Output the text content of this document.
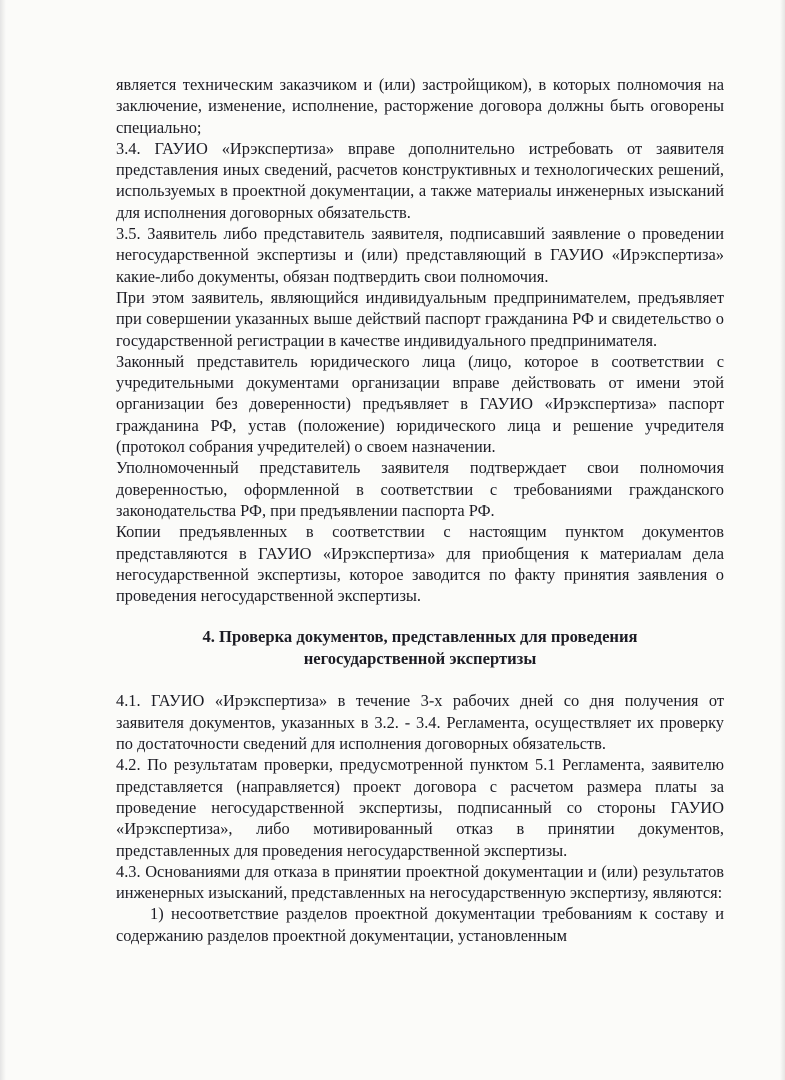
является техническим заказчиком и (или) застройщиком), в которых полномочия на заключение, изменение, исполнение, расторжение договора должны быть оговорены специально;

3.4. ГАУИО «Ирэкспертиза» вправе дополнительно истребовать от заявителя представления иных сведений, расчетов конструктивных и технологических решений, используемых в проектной документации, а также материалы инженерных изысканий для исполнения договорных обязательств.

3.5. Заявитель либо представитель заявителя, подписавший заявление о проведении негосударственной экспертизы и (или) представляющий в ГАУИО «Ирэкспертиза» какие-либо документы, обязан подтвердить свои полномочия.

При этом заявитель, являющийся индивидуальным предпринимателем, предъявляет при совершении указанных выше действий паспорт гражданина РФ и свидетельство о государственной регистрации в качестве индивидуального предпринимателя.

Законный представитель юридического лица (лицо, которое в соответствии с учредительными документами организации вправе действовать от имени этой организации без доверенности) предъявляет в ГАУИО «Ирэкспертиза» паспорт гражданина РФ, устав (положение) юридического лица и решение учредителя (протокол собрания учредителей) о своем назначении.

Уполномоченный представитель заявителя подтверждает свои полномочия доверенностью, оформленной в соответствии с требованиями гражданского законодательства РФ, при предъявлении паспорта РФ.

Копии предъявленных в соответствии с настоящим пунктом документов представляются в ГАУИО «Ирэкспертиза» для приобщения к материалам дела негосударственной экспертизы, которое заводится по факту принятия заявления о проведения негосударственной экспертизы.

4. Проверка документов, представленных для проведения
негосударственной экспертизы

4.1. ГАУИО «Ирэкспертиза» в течение 3-х рабочих дней со дня получения от заявителя документов, указанных в 3.2. - 3.4. Регламента, осуществляет их проверку по достаточности сведений для исполнения договорных обязательств.

4.2. По результатам проверки, предусмотренной пунктом 5.1 Регламента, заявителю представляется (направляется) проект договора с расчетом размера платы за проведение негосударственной экспертизы, подписанный со стороны ГАУИО «Ирэкспертиза», либо мотивированный отказ в принятии документов, представленных для проведения негосударственной экспертизы.

4.3. Основаниями для отказа в принятии проектной документации и (или) результатов инженерных изысканий, представленных на негосударственную экспертизу, являются:

1) несоответствие разделов проектной документации требованиям к составу и содержанию разделов проектной документации, установленным
